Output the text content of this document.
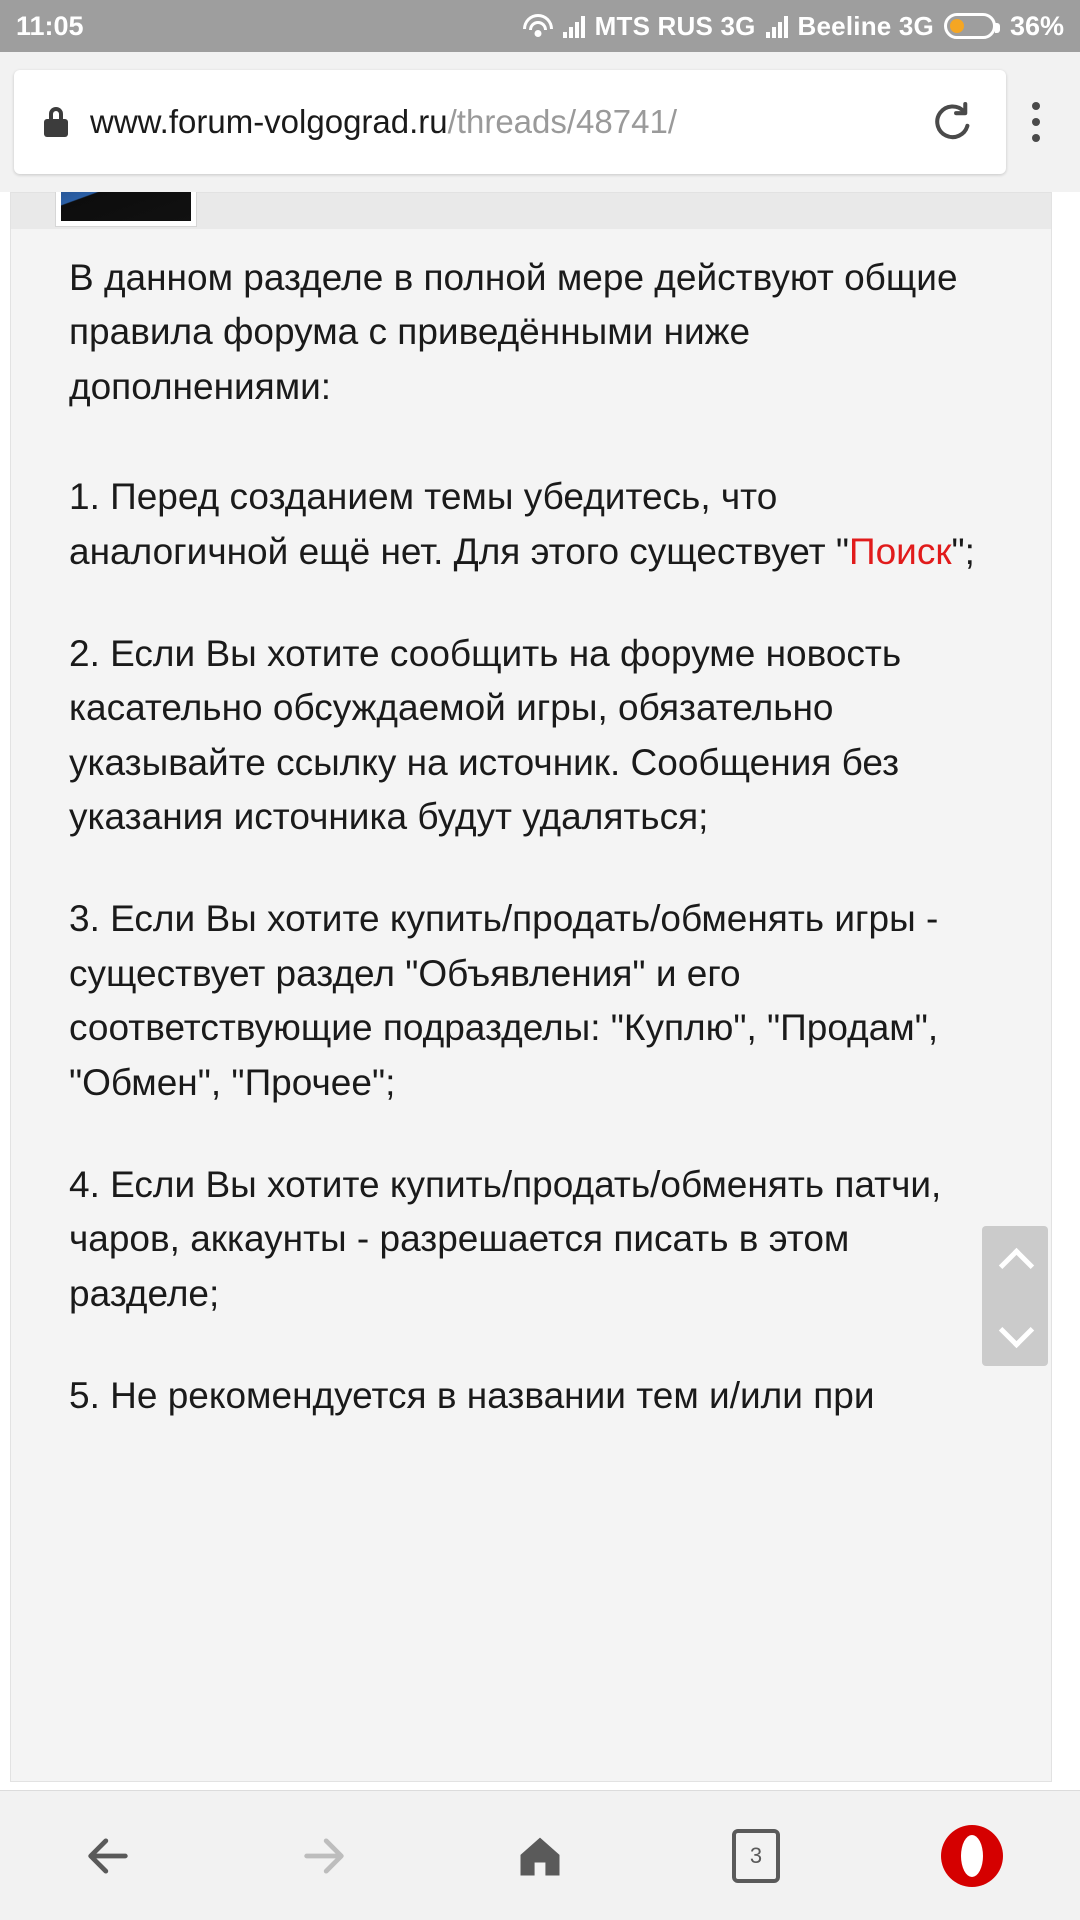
11:05	MTS RUS 3G Beeline 3G	36%
www.forum-volgograd.ru/threads/48741/

В данном разделе в полной мере действуют общие правила форума с приведёнными ниже дополнениями:

1. Перед созданием темы убедитесь, что аналогичной ещё нет. Для этого существует "Поиск";

2. Если Вы хотите сообщить на форуме новость касательно обсуждаемой игры, обязательно указывайте ссылку на источник. Сообщения без указания источника будут удаляться;

3. Если Вы хотите купить/продать/обменять игры - существует раздел "Объявления" и его соответствующие подразделы: "Куплю", "Продам", "Обмен", "Прочее";

4. Если Вы хотите купить/продать/обменять патчи, чаров, аккаунты - разрешается писать в этом разделе;

5. Не рекомендуется в названии тем и/или при

3
